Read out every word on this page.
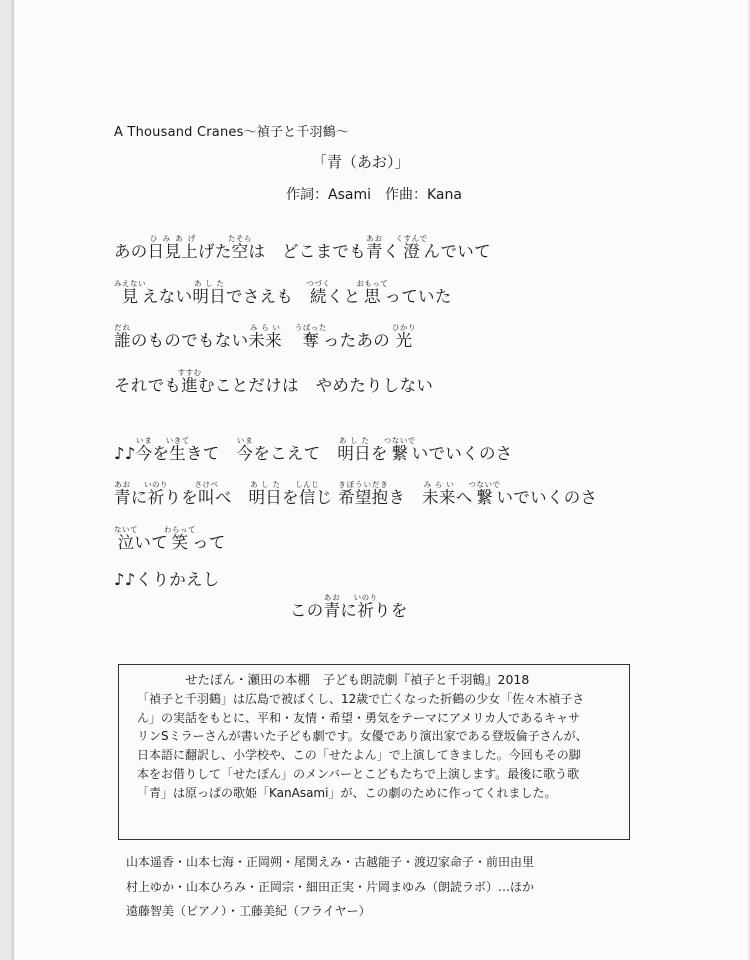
A Thousand Cranes〜禎子と千羽鶴〜
「青（あお）」
作詞：Asami　作曲：Kana
あの日見上ひみあげげた空たそらは　どこまでも青あおく澄くすんでんでいて
見みえないえない明日あしたでさえも　続つづくくと思おもってっていた
誰だれのものでもない未来みらい　奪うばったったあの 光ひかり
それでも進すすむむことだけは　やめたりしない
♪♪今いまを生いきてきて　今いまをこえて　明日あしたを繋つないでいでいくのさ
青あおに祈いのりりを叫さけべべ　明日あしたを信しんじじ 希望抱きぼういだきき　未来みらいへ繋つないでいでいくのさ
泣ないていて笑わらってって
♪♪くりかえし
この青あおに祈いのりりを
せたぽん・瀬田の本棚　子ども朗読劇『禎子と千羽鶴』2018
「禎子と千羽鶴」は広島で被ばくし、12歳で亡くなった折鶴の少女「佐々木禎子さ
ん」の実話をもとに、平和・友情・希望・勇気をテーマにアメリカ人であるキャサ
リンSミラーさんが書いた子ども劇です。女優であり演出家である登坂倫子さんが、
日本語に翻訳し、小学校や、この「せたよん」で上演してきました。今回もその脚
本をお借りして「せたぽん」のメンバーとこどもたちで上演します。最後に歌う歌
「青」は原っぱの歌姫「KanAsami」が、この劇のために作ってくれました。
山本遥香・山本七海・正岡朔・尾関えみ・古越能子・渡辺家命子・前田由里
村上ゆか・山本ひろみ・正岡宗・細田正実・片岡まゆみ（朗読ラボ）…ほか
遠藤智美（ピアノ）・工藤美紀（フライヤー）
